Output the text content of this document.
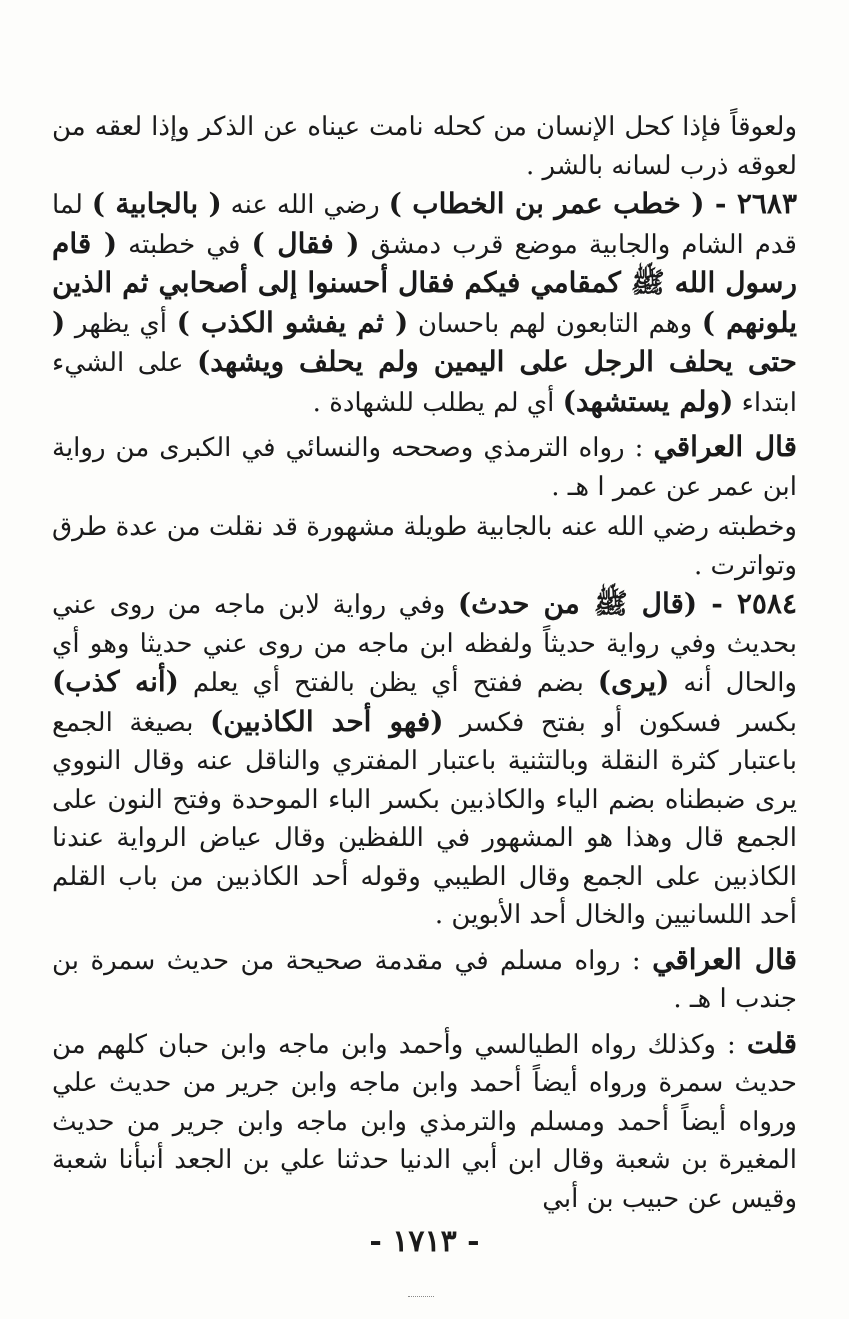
ولعوقاً فإذا كحل الإنسان من كحله نامت عيناه عن الذكر وإذا لعقه من لعوقه ذرب لسانه بالشر .

٢٦٨٣ - ( خطب عمر بن الخطاب ) رضي الله عنه ( بالجابية ) لما قدم الشام والجابية موضع قرب دمشق ( فقال ) في خطبته ( قام رسول الله ﷺ كمقامي فيكم فقال أحسنوا إلى أصحابي ثم الذين يلونهم ) وهم التابعون لهم باحسان ( ثم يفشو الكذب ) أي يظهر ( حتى يحلف الرجل على اليمين ولم يحلف ويشهد) على الشيء ابتداء (ولم يستشهد) أي لم يطلب للشهادة .

قال العراقي : رواه الترمذي وصححه والنسائي في الكبرى من رواية ابن عمر عن عمر ا هـ .

وخطبته رضي الله عنه بالجابية طويلة مشهورة قد نقلت من عدة طرق وتواترت .

٢٥٨٤ - (قال ﷺ من حدث) وفي رواية لابن ماجه من روى عني بحديث وفي رواية حديثاً ولفظه ابن ماجه من روى عني حديثا وهو أي والحال أنه (يرى) بضم ففتح أي يظن بالفتح أي يعلم (أنه كذب) بكسر فسكون أو بفتح فكسر (فهو أحد الكاذبين) بصيغة الجمع باعتبار كثرة النقلة وبالتثنية باعتبار المفتري والناقل عنه وقال النووي يرى ضبطناه بضم الياء والكاذبين بكسر الباء الموحدة وفتح النون على الجمع قال وهذا هو المشهور في اللفظين وقال عياض الرواية عندنا الكاذبين على الجمع وقال الطيبي وقوله أحد الكاذبين من باب القلم أحد اللسانيين والخال أحد الأبوين .

قال العراقي : رواه مسلم في مقدمة صحيحة من حديث سمرة بن جندب ا هـ .

قلت : وكذلك رواه الطيالسي وأحمد وابن ماجه وابن حبان كلهم من حديث سمرة ورواه أيضاً أحمد وابن ماجه وابن جرير من حديث علي ورواه أيضاً أحمد ومسلم والترمذي وابن ماجه وابن جرير من حديث المغيرة بن شعبة وقال ابن أبي الدنيا حدثنا علي بن الجعد أنبأنا شعبة وقيس عن حبيب بن أبي

- ١٧١٣ -
